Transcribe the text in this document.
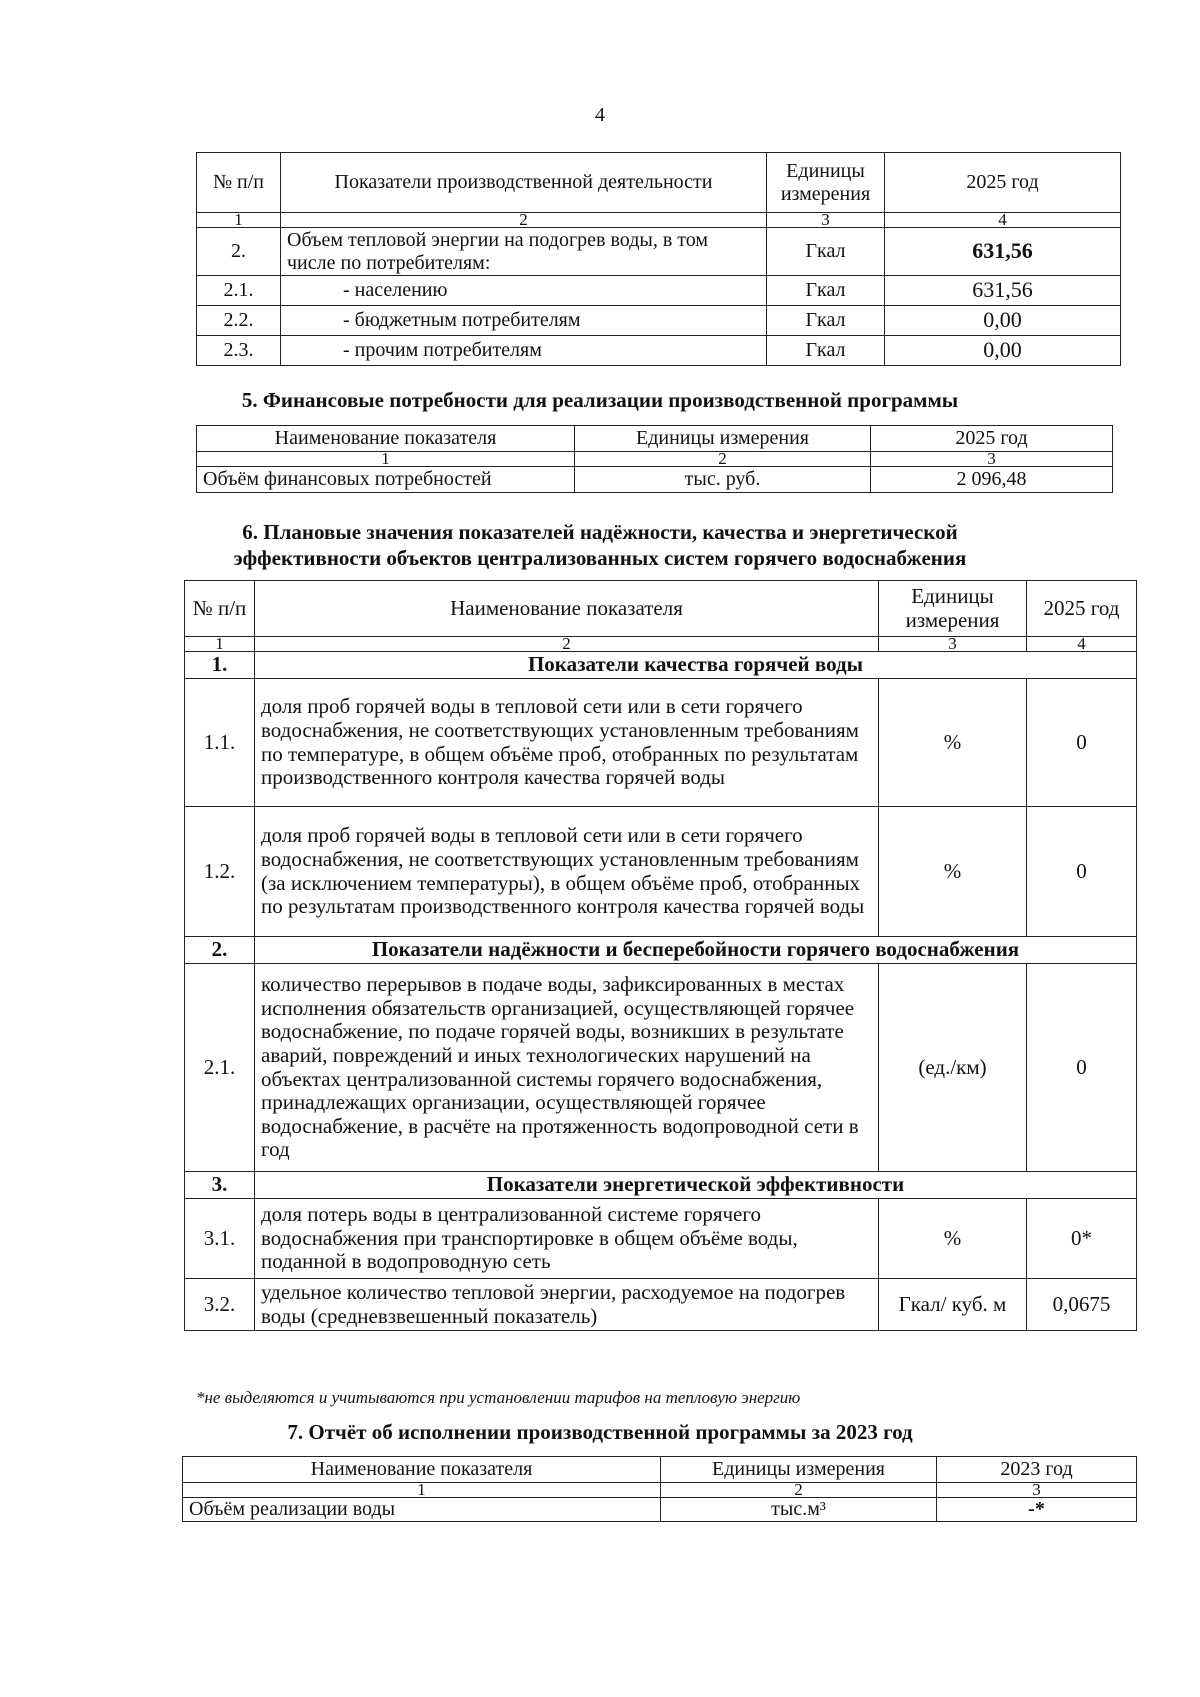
4
№ п/п	Показатели производственной деятельности	Единицы измерения	2025 год
1	2	3	4
2.	Объем тепловой энергии на подогрев воды, в том числе по потребителям:	Гкал	631,56
2.1.	- населению	Гкал	631,56
2.2.	- бюджетным потребителям	Гкал	0,00
2.3.	- прочим потребителям	Гкал	0,00
5. Финансовые потребности для реализации производственной программы
Наименование показателя	Единицы измерения	2025 год
1	2	3
Объём финансовых потребностей	тыс. руб.	2 096,48
6. Плановые значения показателей надёжности, качества и энергетической
эффективности объектов централизованных систем горячего водоснабжения
№ п/п	Наименование показателя	Единицы измерения	2025 год
1	2	3	4
1.	Показатели качества горячей воды		
1.1.	доля проб горячей воды в тепловой сети или в сети горячего водоснабжения, не соответствующих установленным требованиям по температуре, в общем объёме проб, отобранных по результатам производственного контроля качества горячей воды	%	0
1.2.	доля проб горячей воды в тепловой сети или в сети горячего водоснабжения, не соответствующих установленным требованиям (за исключением температуры), в общем объёме проб, отобранных по результатам производственного контроля качества горячей воды	%	0
2.	Показатели надёжности и бесперебойности горячего водоснабжения		
2.1.	количество перерывов в подаче воды, зафиксированных в местах исполнения обязательств организацией, осуществляющей горячее водоснабжение, по подаче горячей воды, возникших в результате аварий, повреждений и иных технологических нарушений на объектах централизованной системы горячего водоснабжения, принадлежащих организации, осуществляющей горячее водоснабжение, в расчёте на протяженность водопроводной сети в год	(ед./км)	0
3.	Показатели энергетической эффективности		
3.1.	доля потерь воды в централизованной системе горячего водоснабжения при транспортировке в общем объёме воды, поданной в водопроводную сеть	%	0*
3.2.	удельное количество тепловой энергии, расходуемое на подогрев воды (средневзвешенный показатель)	Гкал/ куб. м	0,0675
*не выделяются и учитываются при установлении тарифов на тепловую энергию
7. Отчёт об исполнении производственной программы за 2023 год
Наименование показателя	Единицы измерения	2023 год
1	2	3
Объём реализации воды	тыс.м³	-*
